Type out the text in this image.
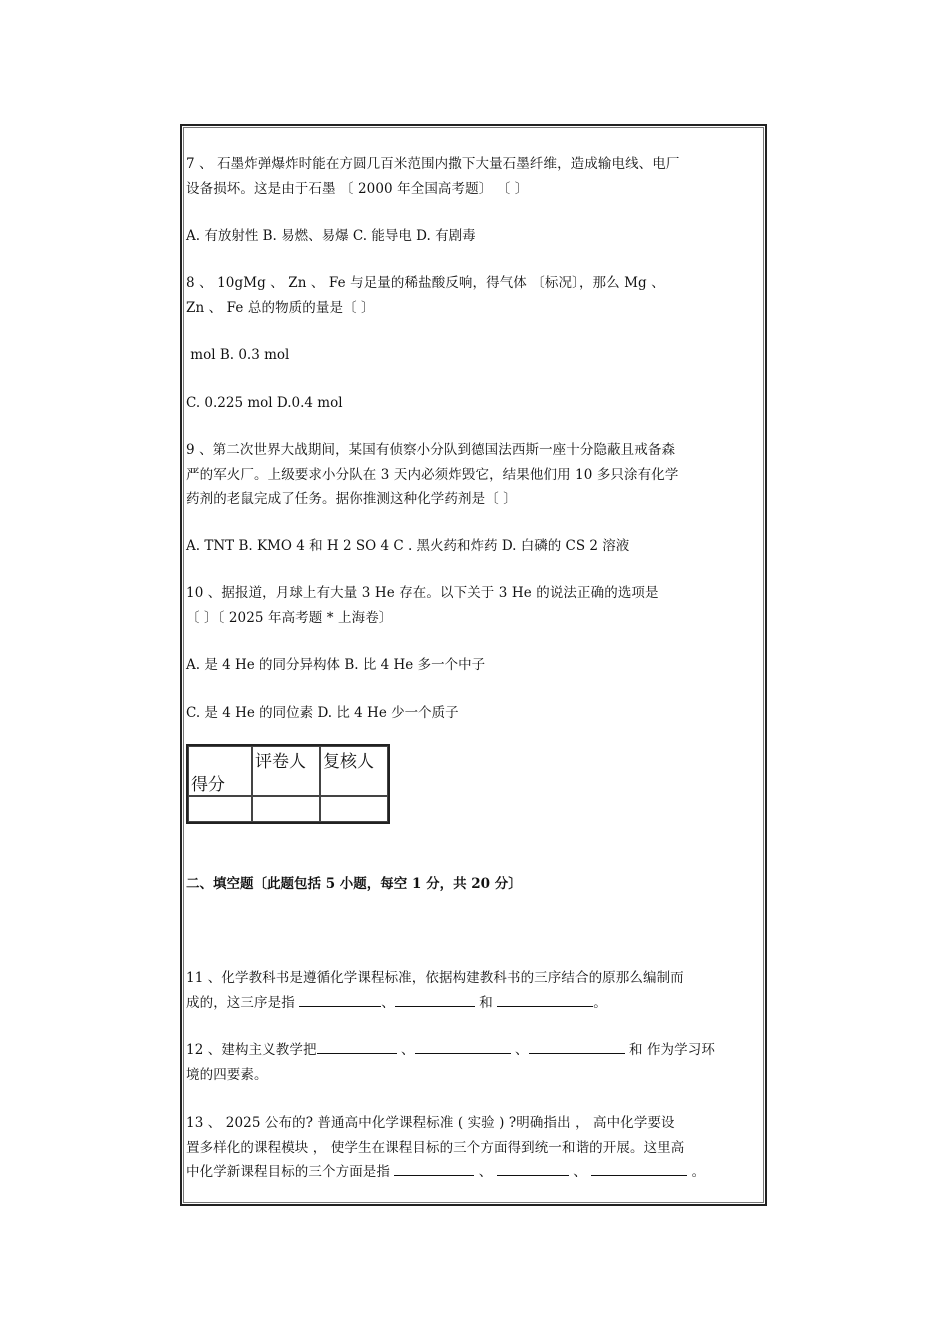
7 、 石墨炸弹爆炸时能在方圆几百米范围内撒下大量石墨纤维，造成输电线、电厂
设备损坏。这是由于石墨 〔 2000 年全国高考题〕 〔 〕
A. 有放射性 B. 易燃、易爆 C. 能导电 D. 有剧毒
8 、 10gMg 、 Zn 、 Fe 与足量的稀盐酸反响，得气体 〔标况〕，那么 Mg 、
Zn 、 Fe 总的物质的量是〔 〕
mol B. 0.3 mol
C. 0.225 mol D.0.4 mol
9 、第二次世界大战期间，某国有侦察小分队到德国法西斯一座十分隐蔽且戒备森
严的军火厂。上级要求小分队在 3 天内必须炸毁它，结果他们用 10 多只涂有化学
药剂的老鼠完成了任务。据你推测这种化学药剂是〔 〕
A. TNT B. KMO 4 和 H 2 SO 4 C . 黑火药和炸药 D. 白磷的 CS 2 溶液
10 、据报道，月球上有大量 3 He 存在。以下关于 3 He 的说法正确的选项是
〔 〕〔 2025 年高考题 * 上海卷〕
A. 是 4 He 的同分异构体 B. 比 4 He 多一个中子
C. 是 4 He 的同位素 D. 比 4 He 少一个质子
得分	评卷人	复核人

二、填空题〔此题包括 5 小题，每空 1 分，共 20 分〕
11 、化学教科书是遵循化学课程标准，依据构建教科书的三序结合的原那么编制而
成的，这三序是指	、	和	。
12 、建构主义教学把	、	、	和 作为学习环
境的四要素。
13 、 2025 公布的? 普通高中化学课程标准 ( 实验 ) ?明确指出 ， 高中化学要设
置多样化的课程模块 ， 使学生在课程目标的三个方面得到统一和谐的开展。这里高
中化学新课程目标的三个方面是指	、	、	。
